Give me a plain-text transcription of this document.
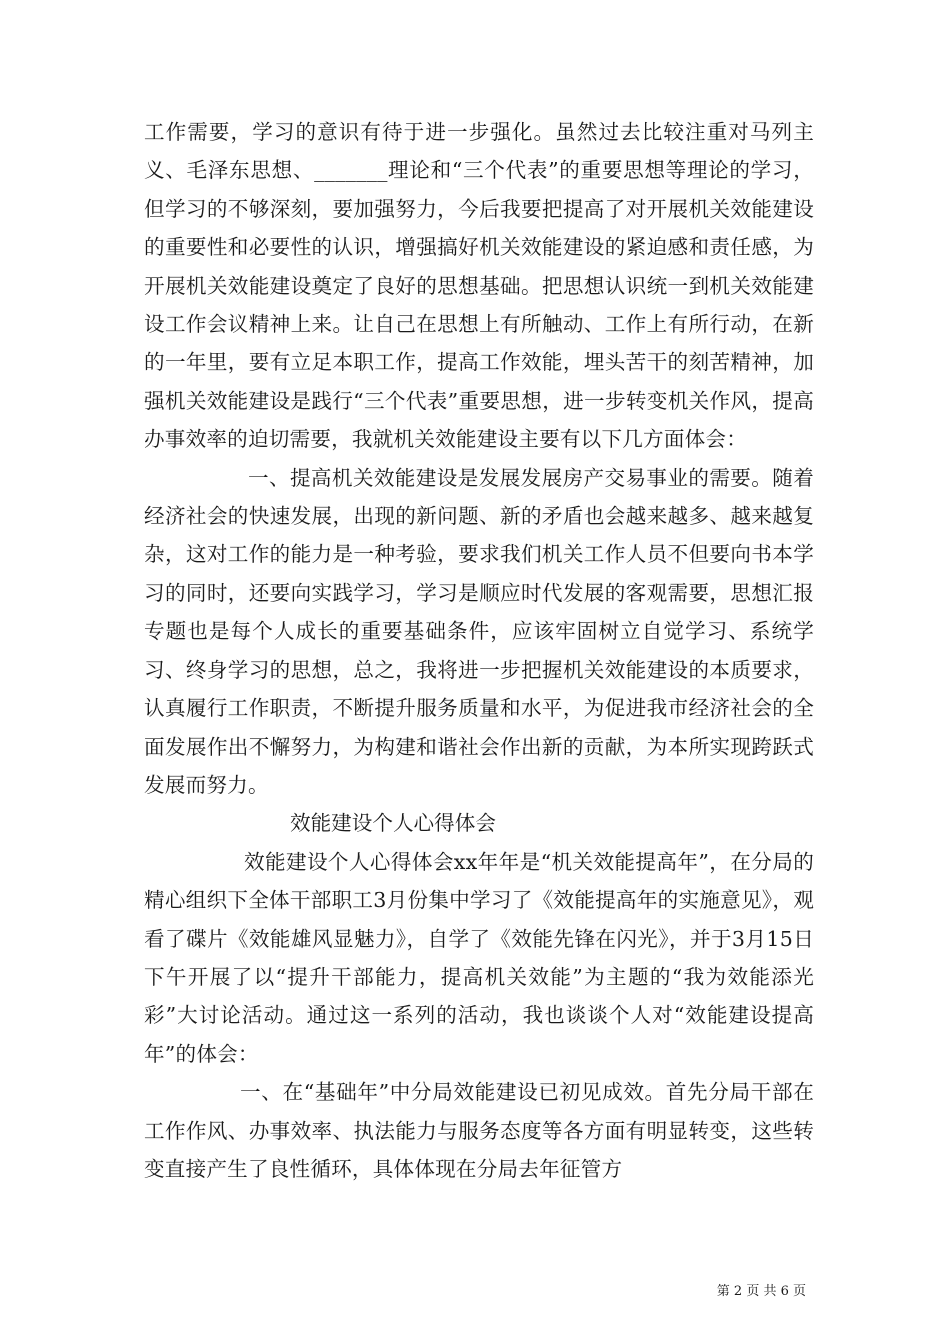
工作需要，学习的意识有待于进一步强化。虽然过去比较注重对马列主义、毛泽东思想、_______理论和“三个代表”的重要思想等理论的学习，但学习的不够深刻，要加强努力，今后我要把提高了对开展机关效能建设的重要性和必要性的认识，增强搞好机关效能建设的紧迫感和责任感，为开展机关效能建设奠定了良好的思想基础。把思想认识统一到机关效能建设工作会议精神上来。让自己在思想上有所触动、工作上有所行动，在新的一年里，要有立足本职工作，提高工作效能，埋头苦干的刻苦精神，加强机关效能建设是践行“三个代表”重要思想，进一步转变机关作风，提高办事效率的迫切需要，我就机关效能建设主要有以下几方面体会：

一、提高机关效能建设是发展发展房产交易事业的需要。随着经济社会的快速发展，出现的新问题、新的矛盾也会越来越多、越来越复杂，这对工作的能力是一种考验，要求我们机关工作人员不但要向书本学习的同时，还要向实践学习，学习是顺应时代发展的客观需要，思想汇报专题也是每个人成长的重要基础条件，应该牢固树立自觉学习、系统学习、终身学习的思想，总之，我将进一步把握机关效能建设的本质要求，认真履行工作职责，不断提升服务质量和水平，为促进我市经济社会的全面发展作出不懈努力，为构建和谐社会作出新的贡献，为本所实现跨跃式发展而努力。

效能建设个人心得体会

效能建设个人心得体会xx年年是“机关效能提高年”，在分局的精心组织下全体干部职工3月份集中学习了《效能提高年的实施意见》，观看了碟片《效能雄风显魅力》，自学了《效能先锋在闪光》，并于3月15日下午开展了以“提升干部能力，提高机关效能”为主题的“我为效能添光彩”大讨论活动。通过这一系列的活动，我也谈谈个人对“效能建设提高年”的体会：

一、在“基础年”中分局效能建设已初见成效。首先分局干部在工作作风、办事效率、执法能力与服务态度等各方面有明显转变，这些转变直接产生了良性循环，具体体现在分局去年征管方

第 2 页 共 6 页
